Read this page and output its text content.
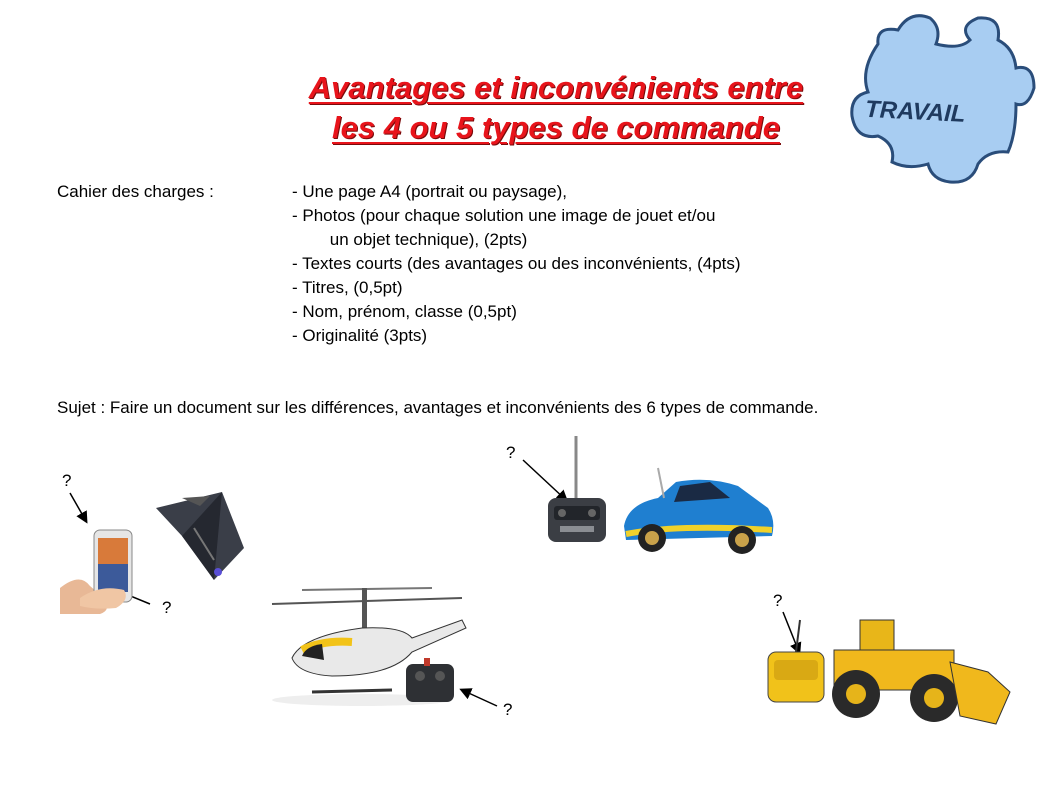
Avantages et inconvénients entre
les 4 ou 5 types de commande	TRAVAIL
Cahier des charges :	- Une page A4 (portrait ou paysage),
- Photos (pour chaque solution une image de jouet et/ou
un objet technique), (2pts)
- Textes courts (des avantages ou des inconvénients, (4pts)
- Titres, (0,5pt)
- Nom, prénom, classe (0,5pt)
- Originalité (3pts)
Sujet : Faire un document sur les différences, avantages et inconvénients des 6 types de commande.
?
?
?
?
?
